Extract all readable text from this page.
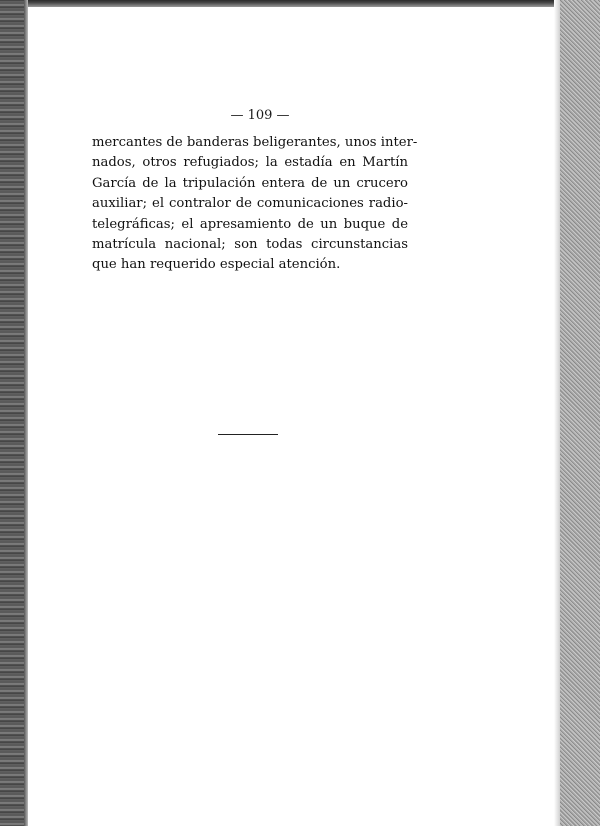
— 109 —
mercantes de banderas beligerantes, unos inter-
nados, otros refugiados; la estadía en Martín
García de la tripulación entera de un crucero
auxiliar; el contralor de comunicaciones radio-
telegráficas; el apresamiento de un buque de
matrícula nacional; son todas circunstancias
que han requerido especial atención.
